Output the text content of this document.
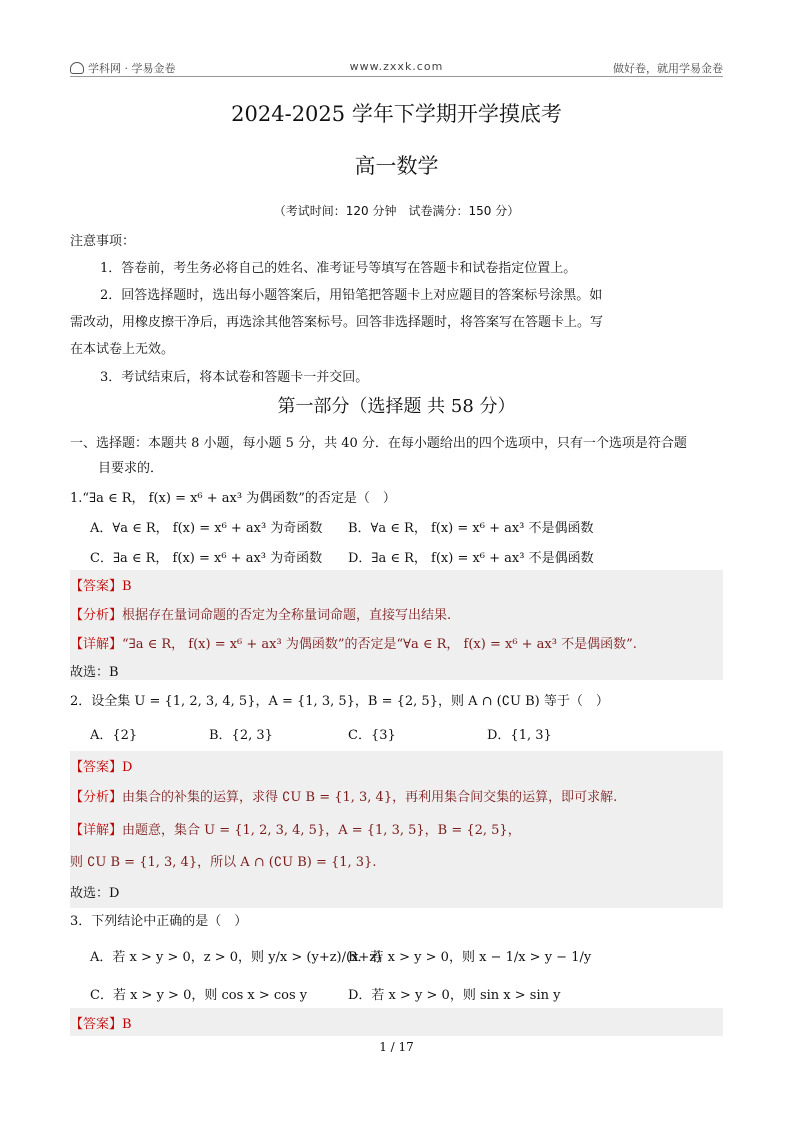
学科网 · 学易金卷	www.zxxk.com	做好卷，就用学易金卷
2024-2025 学年下学期开学摸底考
高一数学
（考试时间：120 分钟　试卷满分：150 分）
注意事项：
1．答卷前，考生务必将自己的姓名、准考证号等填写在答题卡和试卷指定位置上。
2．回答选择题时，选出每小题答案后，用铅笔把答题卡上对应题目的答案标号涂黑。如
需改动，用橡皮擦干净后，再选涂其他答案标号。回答非选择题时，将答案写在答题卡上。写
在本试卷上无效。
3．考试结束后，将本试卷和答题卡一并交回。
第一部分（选择题 共 58 分）
一、选择题：本题共 8 小题，每小题 5 分，共 40 分．在每小题给出的四个选项中，只有一个选项是符合题
目要求的．
1.“∃a ∈ R， f(x) = x⁶ + ax³ 为偶函数”的否定是（　）
A．∀a ∈ R， f(x) = x⁶ + ax³ 为奇函数 B．∀a ∈ R， f(x) = x⁶ + ax³ 不是偶函数
C．∃a ∈ R， f(x) = x⁶ + ax³ 为奇函数 D．∃a ∈ R， f(x) = x⁶ + ax³ 不是偶函数
【答案】B
【分析】根据存在量词命题的否定为全称量词命题，直接写出结果.
【详解】“∃a ∈ R， f(x) = x⁶ + ax³ 为偶函数”的否定是“∀a ∈ R， f(x) = x⁶ + ax³ 不是偶函数”.
故选：B
2．设全集 U = {1, 2, 3, 4, 5}，A = {1, 3, 5}，B = {2, 5}，则 A ∩ (∁U B) 等于（　）
A．{2}	B．{2, 3}	C．{3}	D．{1, 3}
【答案】D
【分析】由集合的补集的运算，求得 ∁U B = {1, 3, 4}，再利用集合间交集的运算，即可求解.
【详解】由题意，集合 U = {1, 2, 3, 4, 5}，A = {1, 3, 5}，B = {2, 5}，
则 ∁U B = {1, 3, 4}，所以 A ∩ (∁U B) = {1, 3}.
故选：D
3．下列结论中正确的是（　）
A．若 x > y > 0，z > 0，则 y/x > (y+z)/(x+z)
B．若 x > y > 0，则 x − 1/x > y − 1/y
C．若 x > y > 0，则 cos x > cos y	D．若 x > y > 0，则 sin x > sin y
【答案】B
1 / 17
